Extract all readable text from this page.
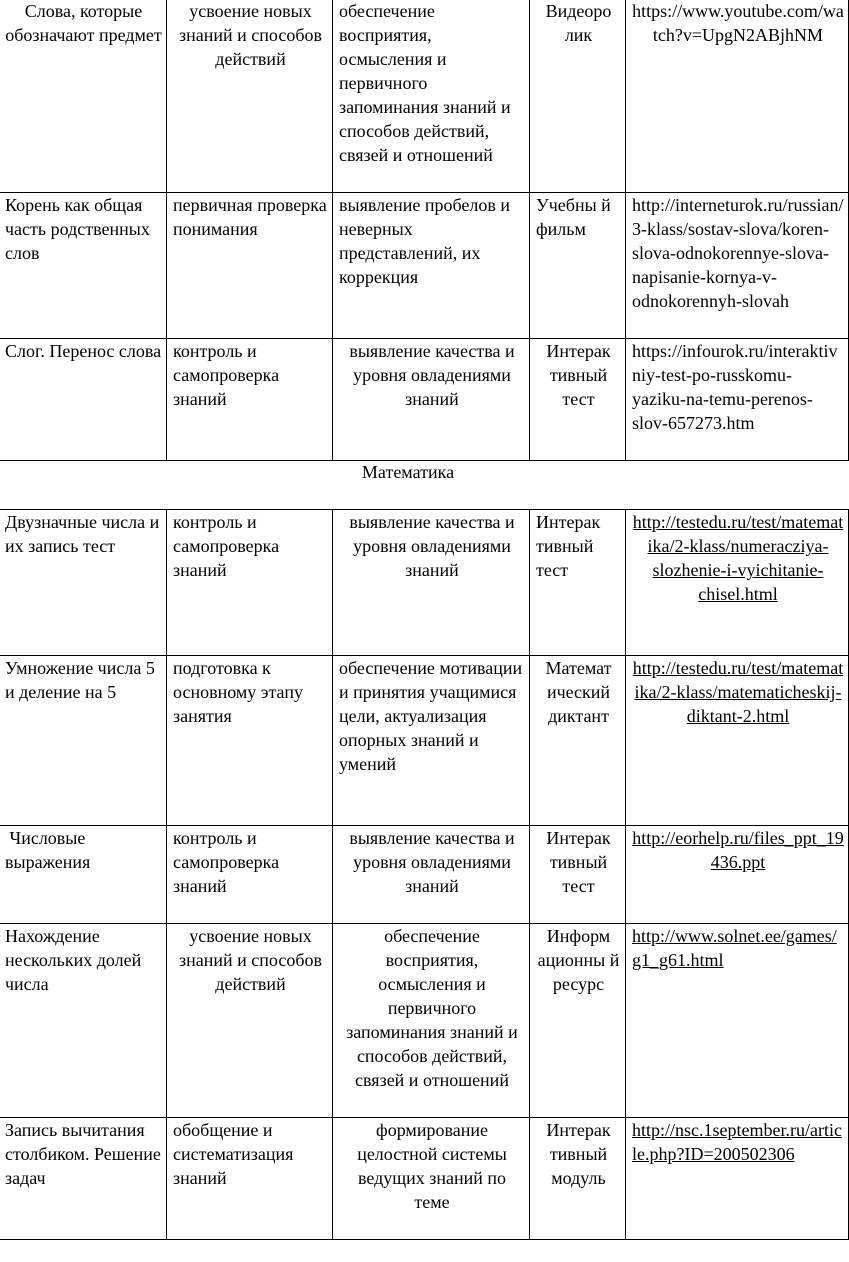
Слова, которые обозначают предмет	усвоение новых знаний и способов действий	обеспечение восприятия, осмысления и первичного запоминания знаний и способов действий, связей и отношений	Видеоро лик	https://www.youtube.com/watch?v=UpgN2ABjhNM
Корень как общая часть родственных слов	первичная проверка понимания	выявление пробелов и неверных представлений, их коррекция	Учебны й фильм	http://interneturok.ru/russian/3-klass/sostav-slova/koren-slova-odnokorennye-slova-napisanie-kornya-v-odnokorennyh-slovah
Слог. Перенос слова	контроль и самопроверка знаний	выявление качества и уровня овладениями знаний	Интерак тивный тест	https://infourok.ru/interaktivniy-test-po-russkomu-yaziku-na-temu-perenos-slov-657273.htm
Математика
Двузначные числа и их запись тест	контроль и самопроверка знаний	выявление качества и уровня овладениями знаний	Интерак тивный тест	http://testedu.ru/test/matematika/2-klass/numeracziya-slozhenie-i-vyichitanie-chisel.html
Умножение числа 5 и деление на 5	подготовка к основному этапу занятия	обеспечение мотивации и принятия учащимися цели, актуализация опорных знаний и умений	Математ ический диктант	http://testedu.ru/test/matematika/2-klass/matematicheskij-diktant-2.html
Числовые выражения	контроль и самопроверка знаний	выявление качества и уровня овладениями знаний	Интерак тивный тест	http://eorhelp.ru/files_ppt_19436.ppt
Нахождение нескольких долей числа	усвоение новых знаний и способов действий	обеспечение восприятия, осмысления и первичного запоминания знаний и способов действий, связей и отношений	Информ ационны й ресурс	http://www.solnet.ee/games/g1_g61.html
Запись вычитания столбиком. Решение задач	обобщение и систематизация знаний	формирование целостной системы ведущих знаний по теме	Интерак тивный модуль	http://nsc.1september.ru/article.php?ID=200502306
